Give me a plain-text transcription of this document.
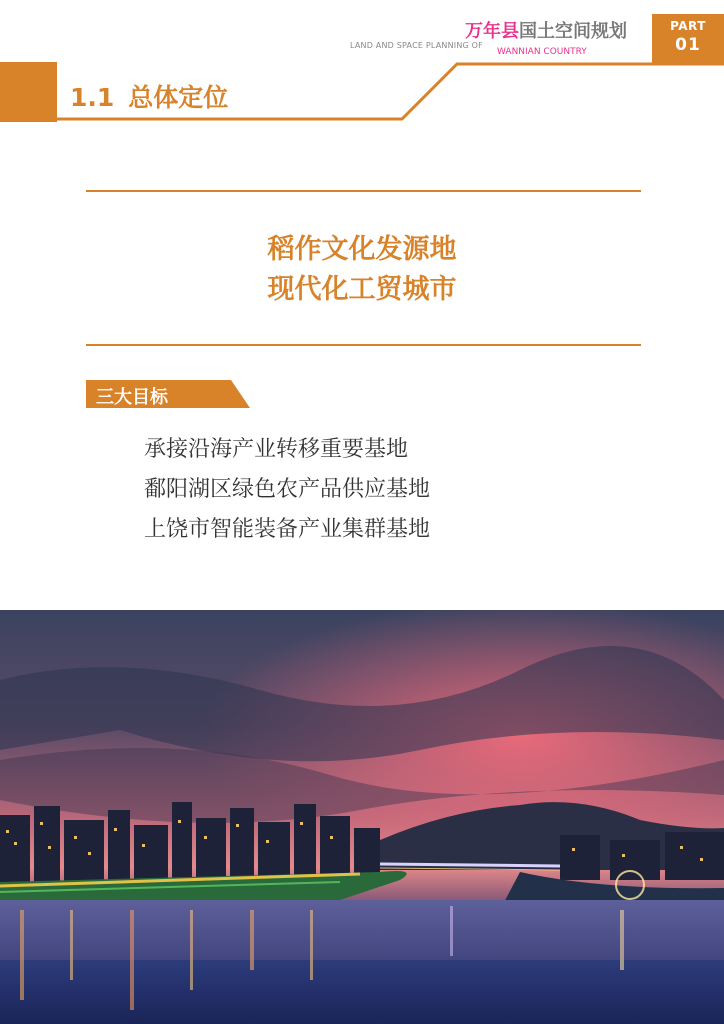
万年县国土空间规划
LAND AND SPACE PLANNING OF
WANNIAN COUNTRY
PART
01
1.1 总体定位
稻作文化发源地
现代化工贸城市
三大目标
承接沿海产业转移重要基地
鄱阳湖区绿色农产品供应基地
上饶市智能装备产业集群基地
